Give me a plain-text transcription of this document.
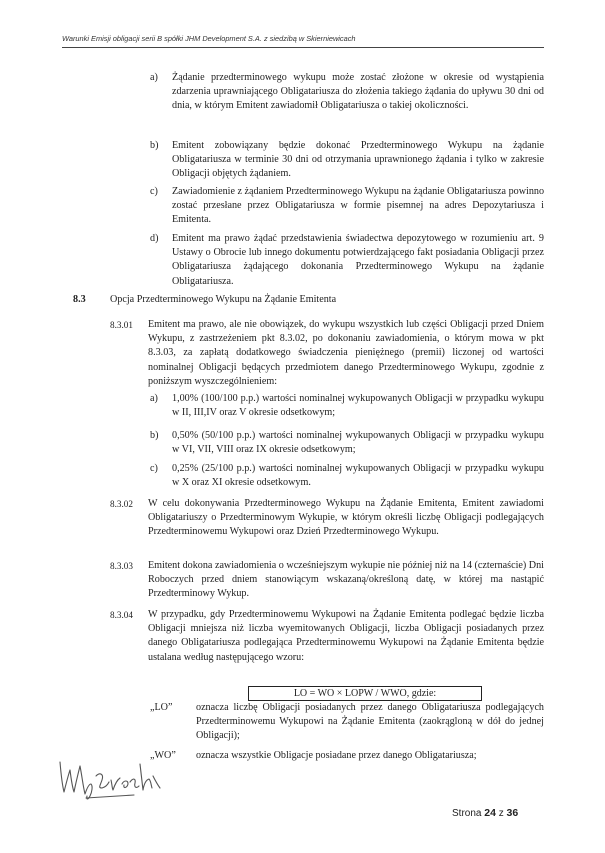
Warunki Emisji obligacji serii B spółki JHM Development S.A. z siedzibą w Skierniewicach
a) Żądanie przedterminowego wykupu może zostać złożone w okresie od wystąpienia zdarzenia uprawniającego Obligatariusza do złożenia takiego żądania do upływu 30 dni od dnia, w którym Emitent zawiadomił Obligatariusza o takiej okoliczności.
b) Emitent zobowiązany będzie dokonać Przedterminowego Wykupu na żądanie Obligatariusza w terminie 30 dni od otrzymania uprawnionego żądania i tylko w zakresie Obligacji objętych żądaniem.
c) Zawiadomienie z żądaniem Przedterminowego Wykupu na żądanie Obligatariusza powinno zostać przesłane przez Obligatariusza w formie pisemnej na adres Depozytariusza i Emitenta.
d) Emitent ma prawo żądać przedstawienia świadectwa depozytowego w rozumieniu art. 9 Ustawy o Obrocie lub innego dokumentu potwierdzającego fakt posiadania Obligacji przez Obligatariusza żądającego dokonania Przedterminowego Wykupu na żądanie Obligatariusza.
8.3 Opcja Przedterminowego Wykupu na Żądanie Emitenta
8.3.01 Emitent ma prawo, ale nie obowiązek, do wykupu wszystkich lub części Obligacji przed Dniem Wykupu, z zastrzeżeniem pkt 8.3.02, po dokonaniu zawiadomienia, o którym mowa w pkt 8.3.03, za zapłatą dodatkowego świadczenia pieniężnego (premii) liczonej od wartości nominalnej Obligacji będących przedmiotem danego Przedterminowego Wykupu, zgodnie z poniższym wyszczególnieniem:
a) 1,00% (100/100 p.p.) wartości nominalnej wykupowanych Obligacji w przypadku wykupu w II, III,IV oraz V okresie odsetkowym;
b) 0,50% (50/100 p.p.) wartości nominalnej wykupowanych Obligacji w przypadku wykupu w VI, VII, VIII oraz IX okresie odsetkowym;
c) 0,25% (25/100 p.p.) wartości nominalnej wykupowanych Obligacji w przypadku wykupu w X oraz XI okresie odsetkowym.
8.3.02 W celu dokonywania Przedterminowego Wykupu na Żądanie Emitenta, Emitent zawiadomi Obligatariuszy o Przedterminowym Wykupie, w którym określi liczbę Obligacji podlegających Przedterminowemu Wykupowi oraz Dzień Przedterminowego Wykupu.
8.3.03 Emitent dokona zawiadomienia o wcześniejszym wykupie nie później niż na 14 (czternaście) Dni Roboczych przed dniem stanowiącym wskazaną/określoną datę, w której ma nastąpić Przedterminowy Wykup.
8.3.04 W przypadku, gdy Przedterminowemu Wykupowi na Żądanie Emitenta podlegać będzie liczba Obligacji mniejsza niż liczba wyemitowanych Obligacji, liczba Obligacji posiadanych przez danego Obligatariusza podlegająca Przedterminowemu Wykupowi na Żądanie Emitenta będzie ustalana według następującego wzoru:
LO = WO × LOPW / WWO, gdzie:
„LO” oznacza liczbę Obligacji posiadanych przez danego Obligatariusza podlegających Przedterminowemu Wykupowi na Żądanie Emitenta (zaokrągloną w dół do jednej Obligacji);
„WO” oznacza wszystkie Obligacje posiadane przez danego Obligatariusza;
Strona 24 z 36
